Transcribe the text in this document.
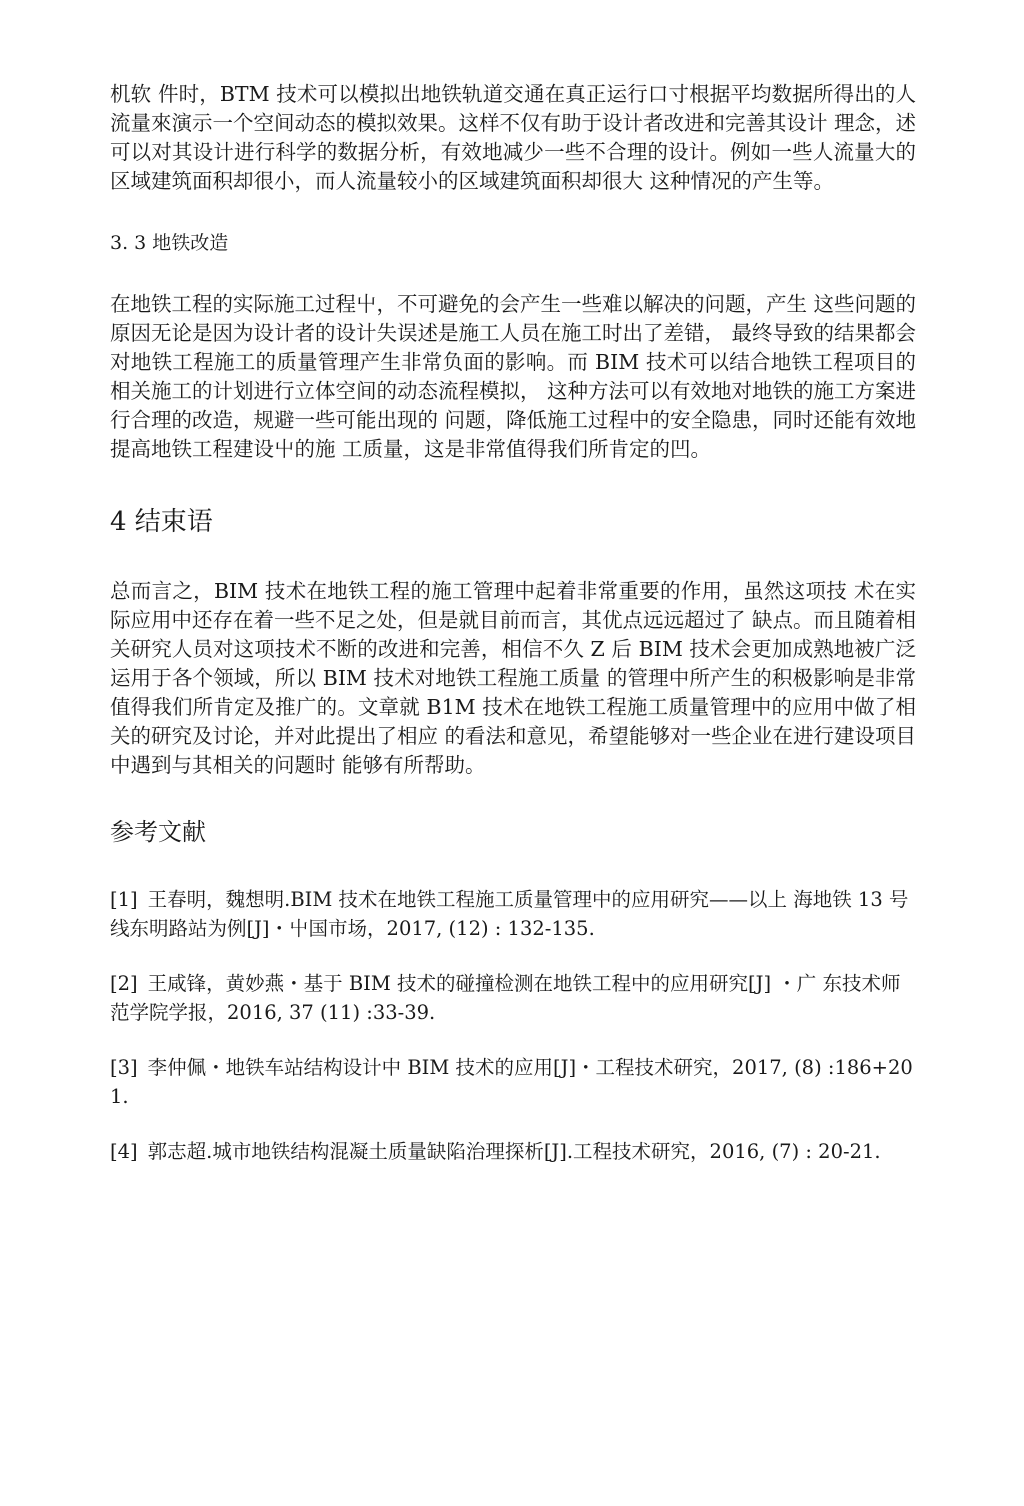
机软 件时，BTM 技术可以模拟出地铁轨道交通在真正运行口寸根据平均数据所得出的人 流量來演示一个空间动态的模拟效果。这样不仅有助于设计者改进和完善其设计 理念，述可以对其设计进行科学的数据分析，有效地减少一些不合理的设计。例如一些人流量大的区域建筑面积却很小，而人流量较小的区域建筑面积却很大 这种情况的产生等。

3. 3 地铁改造

在地铁工程的实际施工过程屮，不可避免的会产生一些难以解决的问题，产生 这些问题的原因无论是因为设计者的设计失误述是施工人员在施工时出了差错， 最终导致的结果都会对地铁工程施工的质量管理产生非常负面的影响。而 BIM 技术可以结合地铁工程项目的相关施工的计划进行立体空间的动态流程模拟， 这种方法可以有效地对地铁的施工方案进行合理的改造，规避一些可能出现的 问题，降低施工过程中的安全隐患，同时还能有效地提高地铁工程建设屮的施 工质量，这是非常值得我们所肯定的凹。

4 结束语

总而言之，BIM 技术在地铁工程的施工管理中起着非常重要的作用，虽然这项技 术在实际应用中还存在着一些不足之处，但是就目前而言，其优点远远超过了 缺点。而且随着相关研究人员对这项技术不断的改进和完善，相信不久 Z 后 BIM 技术会更加成熟地被广泛运用于各个领域，所以 BIM 技术对地铁工程施工质量 的管理中所产生的积极影响是非常值得我们所肯定及推广的。文章就 B1M 技术在地铁工程施工质量管理中的应用中做了相关的研究及讨论，并对此提出了相应 的看法和意见，希望能够对一些企业在进行建设项目中遇到与其相关的问题时 能够有所帮助。

参考文献

[1] 王春明，魏想明.BIM 技术在地铁工程施工质量管理中的应用研究——以上 海地铁 13 号线东明路站为例[J]・屮国市场，2017, (12) : 132-135.

[2] 王咸锋，黄妙燕・基于 BIM 技术的碰撞检测在地铁工程中的应用研究[J] ・广 东技术师范学院学报，2016, 37 (11) :33-39.

[3] 李仲佩・地铁车站结构设计中 BIM 技术的应用[J]・工程技术研究，2017, (8) :186+201.

[4] 郭志超.城市地铁结构混凝土质量缺陷治理探析[J].工程技术研究，2016, (7) : 20-21.
